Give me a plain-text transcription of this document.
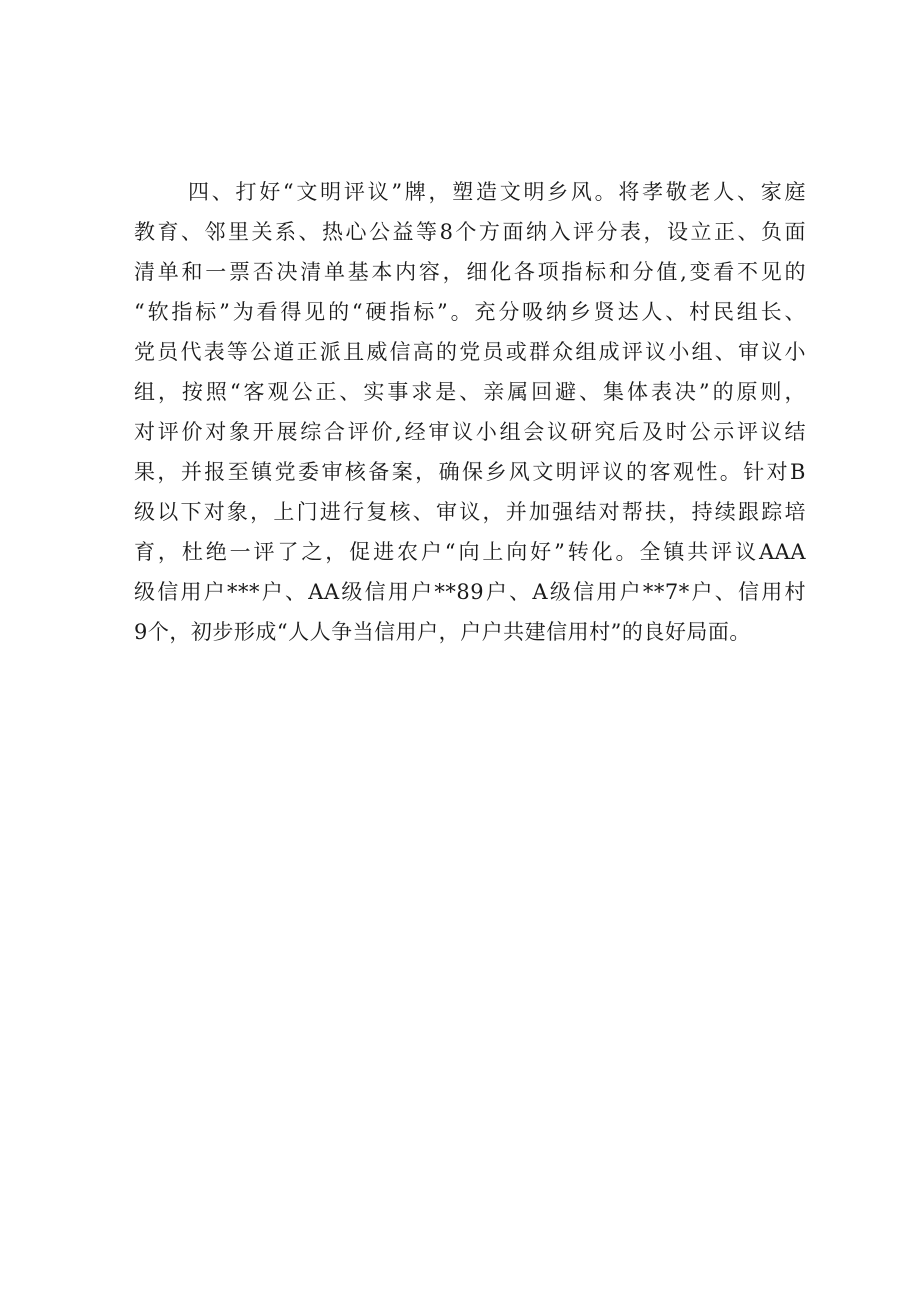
四、打好“文明评议”牌，塑造文明乡风。将孝敬老人、家庭
教育、邻里关系、热心公益等8个方面纳入评分表，设立正、负面
清单和一票否决清单基本内容，细化各项指标和分值,变看不见的
“软指标”为看得见的“硬指标”。充分吸纳乡贤达人、村民组长、
党员代表等公道正派且威信高的党员或群众组成评议小组、审议小
组，按照“客观公正、实事求是、亲属回避、集体表决”的原则，
对评价对象开展综合评价,经审议小组会议研究后及时公示评议结
果，并报至镇党委审核备案，确保乡风文明评议的客观性。针对B
级以下对象，上门进行复核、审议，并加强结对帮扶，持续跟踪培
育，杜绝一评了之，促进农户“向上向好”转化。全镇共评议AAA
级信用户***户、AA级信用户**89户、A级信用户**7*户、信用村
9个，初步形成“人人争当信用户，户户共建信用村”的良好局面。
